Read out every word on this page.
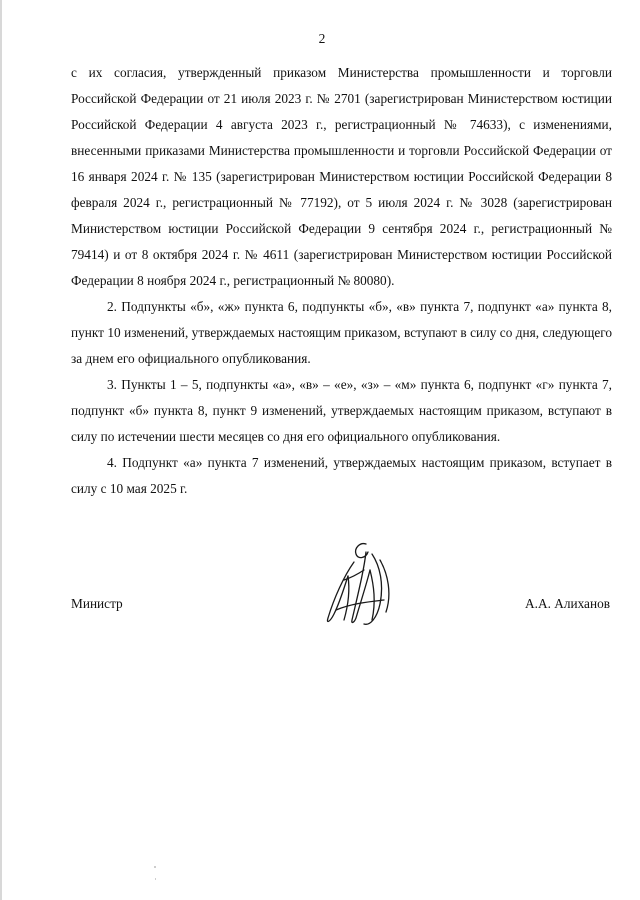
2

с их согласия, утвержденный приказом Министерства промышленности и торговли Российской Федерации от 21 июля 2023 г. № 2701 (зарегистрирован Министерством юстиции Российской Федерации 4 августа 2023 г., регистрационный № 74633), с изменениями, внесенными приказами Министерства промышленности и торговли Российской Федерации от 16 января 2024 г. № 135 (зарегистрирован Министерством юстиции Российской Федерации 8 февраля 2024 г., регистрационный № 77192), от 5 июля 2024 г. № 3028 (зарегистрирован Министерством юстиции Российской Федерации 9 сентября 2024 г., регистрационный № 79414) и от 8 октября 2024 г. № 4611 (зарегистрирован Министерством юстиции Российской Федерации 8 ноября 2024 г., регистрационный № 80080).

2. Подпункты «б», «ж» пункта 6, подпункты «б», «в» пункта 7, подпункт «а» пункта 8, пункт 10 изменений, утверждаемых настоящим приказом, вступают в силу со дня, следующего за днем его официального опубликования.

3. Пункты 1 – 5, подпункты «а», «в» – «е», «з» – «м» пункта 6, подпункт «г» пункта 7, подпункт «б» пункта 8, пункт 9 изменений, утверждаемых настоящим приказом, вступают в силу по истечении шести месяцев со дня его официального опубликования.

4. Подпункт «а» пункта 7 изменений, утверждаемых настоящим приказом, вступает в силу с 10 мая 2025 г.

Министр	А.А. Алиханов
